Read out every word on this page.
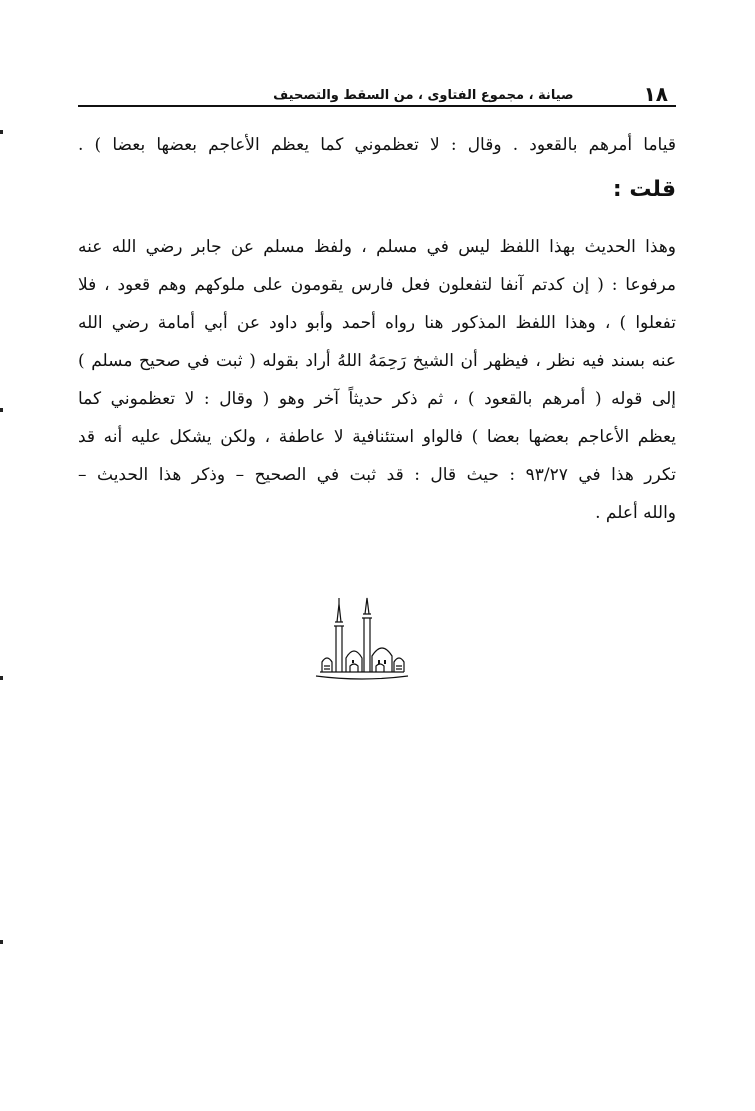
١٨
صيانة ، مجموع الفتاوى ، من السقط والتصحيف
قياما أمرهم بالقعود . وقال : لا تعظموني كما يعظم الأعاجم بعضها بعضا ) .
قلت :
وهذا الحديث بهذا اللفظ ليس في مسلم ، ولفظ مسلم عن جابر رضي الله عنه
مرفوعا : ( إن كدتم آنفا لتفعلون فعل فارس يقومون على ملوكهم وهم قعود ، فلا
تفعلوا ) ، وهذا اللفظ المذكور هنا رواه أحمد وأبو داود عن أبي أمامة رضي الله
عنه بسند فيه نظر ، فيظهر أن الشيخ رَحِمَهُ اللهُ أراد بقوله ( ثبت في صحيح مسلم )
إلى قوله ( أمرهم بالقعود ) ، ثم ذكر حديثاً آخر وهو ( وقال : لا تعظموني كما
يعظم الأعاجم بعضها بعضا ) فالواو استئنافية لا عاطفة ، ولكن يشكل عليه أنه قد
تكرر هذا في ٩٣/٢٧ : حيث قال : قد ثبت في الصحيح – وذكر هذا الحديث –
والله أعلم .
